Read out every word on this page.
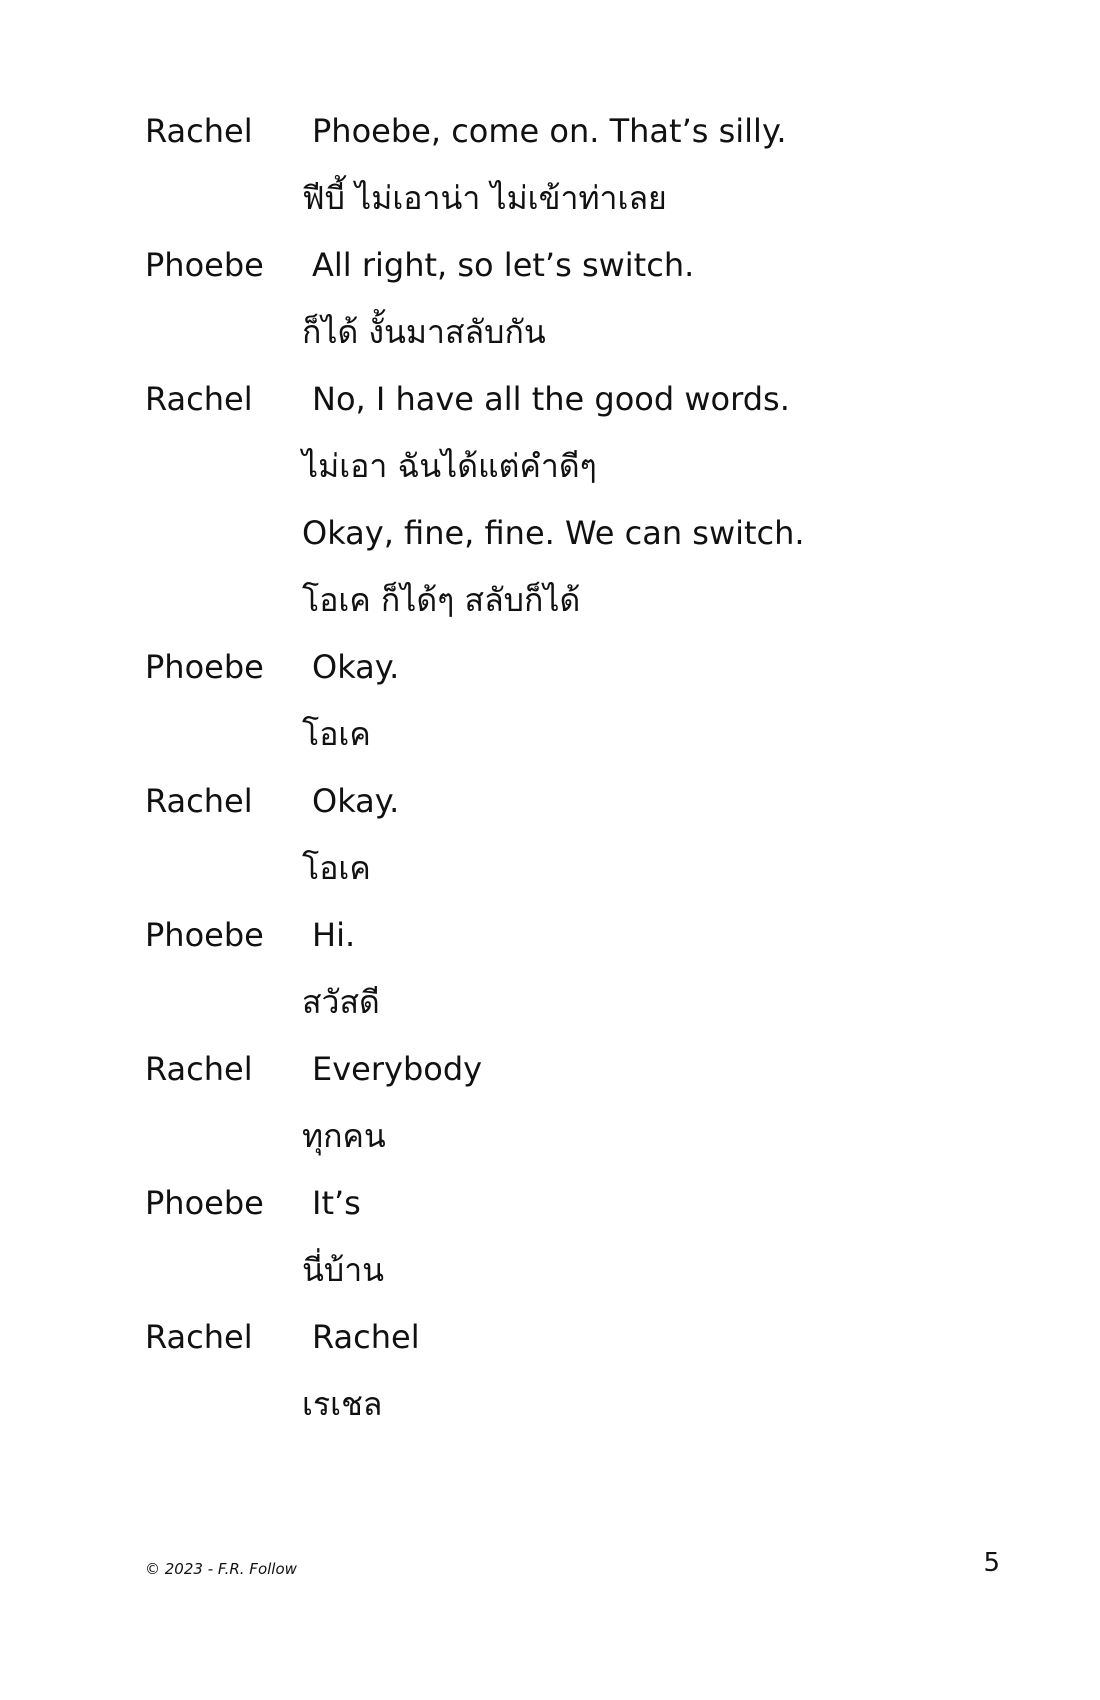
Rachel Phoebe, come on. That’s silly.
ฟีบี้ ไม่เอาน่า ไม่เข้าท่าเลย
Phoebe All right, so let’s switch.
ก็ได้ งั้นมาสลับกัน
Rachel No, I have all the good words.
ไม่เอา ฉันได้แต่คำดีๆ
Okay, fine, fine. We can switch.
โอเค ก็ได้ๆ สลับก็ได้
Phoebe Okay.
โอเค
Rachel Okay.
โอเค
Phoebe Hi.
สวัสดี
Rachel Everybody
ทุกคน
Phoebe It’s
นี่บ้าน
Rachel Rachel
เรเชล
© 2023 - F.R. Follow	5
